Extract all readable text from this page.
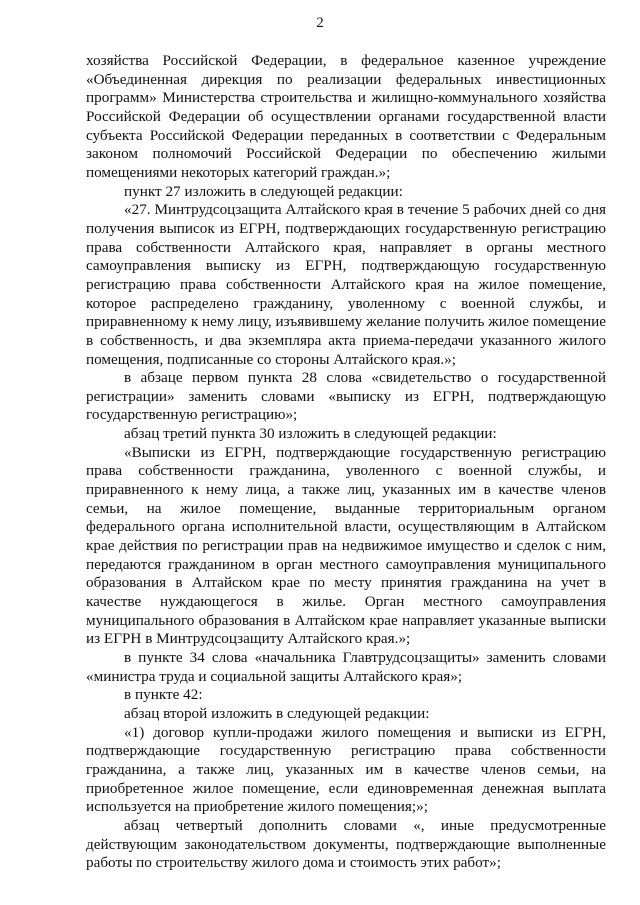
2

хозяйства Российской Федерации, в федеральное казенное учреждение «Объединенная дирекция по реализации федеральных инвестиционных программ» Министерства строительства и жилищно-коммунального хозяйства Российской Федерации об осуществлении органами государственной власти субъекта Российской Федерации переданных в соответствии с Федеральным законом полномочий Российской Федерации по обеспечению жилыми помещениями некоторых категорий граждан.»;

пункт 27 изложить в следующей редакции:

«27. Минтрудсоцзащита Алтайского края в течение 5 рабочих дней со дня получения выписок из ЕГРН, подтверждающих государственную регистрацию права собственности Алтайского края, направляет в органы местного самоуправления выписку из ЕГРН, подтверждающую государственную регистрацию права собственности Алтайского края на жилое помещение, которое распределено гражданину, уволенному с военной службы, и приравненному к нему лицу, изъявившему желание получить жилое помещение в собственность, и два экземпляра акта приема-передачи указанного жилого помещения, подписанные со стороны Алтайского края.»;

в абзаце первом пункта 28 слова «свидетельство о государственной регистрации» заменить словами «выписку из ЕГРН, подтверждающую государственную регистрацию»;

абзац третий пункта 30 изложить в следующей редакции:

«Выписки из ЕГРН, подтверждающие государственную регистрацию права собственности гражданина, уволенного с военной службы, и приравненного к нему лица, а также лиц, указанных им в качестве членов семьи, на жилое помещение, выданные территориальным органом федерального органа исполнительной власти, осуществляющим в Алтайском крае действия по регистрации прав на недвижимое имущество и сделок с ним, передаются гражданином в орган местного самоуправления муниципального образования в Алтайском крае по месту принятия гражданина на учет в качестве нуждающегося в жилье. Орган местного самоуправления муниципального образования в Алтайском крае направляет указанные выписки из ЕГРН в Минтрудсоцзащиту Алтайского края.»;

в пункте 34 слова «начальника Главтрудсоцзащиты» заменить словами «министра труда и социальной защиты Алтайского края»;

в пункте 42:

абзац второй изложить в следующей редакции:

«1) договор купли-продажи жилого помещения и выписки из ЕГРН, подтверждающие государственную регистрацию права собственности гражданина, а также лиц, указанных им в качестве членов семьи, на приобретенное жилое помещение, если единовременная денежная выплата используется на приобретение жилого помещения;»;

абзац четвертый дополнить словами «, иные предусмотренные действующим законодательством документы, подтверждающие выполненные работы по строительству жилого дома и стоимость этих работ»;
